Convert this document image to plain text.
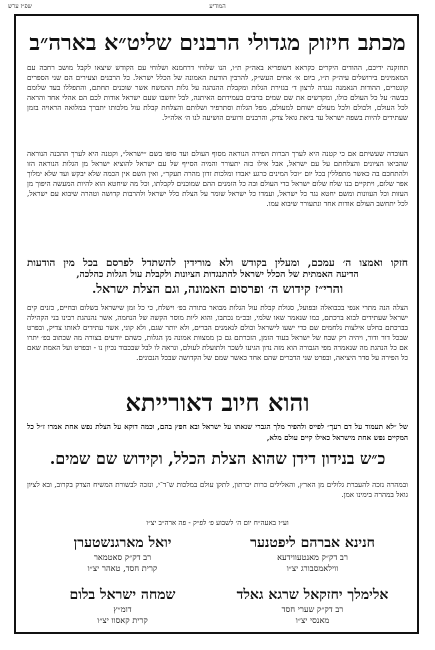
שפ״ז ערש	המודיע
מכתב חיזוק מגדולי הרבנים שליט״א בארה״ב

תחזקנה ידיכם, ההודים היקרים כקראא דשופריא באה״ק ת״ו, הנו שלוחי דרחמנא ושלוחי עם הקודש שיצאו לקבל מושב רחבה עם המאמינים בירושלים עיה״ק ת״ו, ביום א׳ אחים העש״ק, להרבין הודעת האמונה של הכלל ישראל. כל הרבנים וצעירים הם שני הספרים קונטרים, ההודות הנאמנה ננגדה לרצון ד׳ בגזירת הגלות ומקבלת ההנהגה על גלות ההמשח אשר שוכנים תחתם, והתפללו בעד שלומם כבשה׳ על כל העולם כולו, ומקדשים את שם שמים ברבים בעמידתם האיתנה, לבל יחשבו שעם ישראל אודות לכם הם אהלי אחד והראה לכל העולם, ולכולם ולכל מעולם ישוחם למעולם, מפל הגלות וסתרפיר ושלותם והצלחת קבלת עול מלכותו יתברך במלואה הראויה בזמן שעתידים להיות בשפה ישראל עד ביאת גואל צדק, והרבנים ורועים הושיעה לנו ה׳ אלה״ל.

העובדה שעשיתם אם כי קטנה היא לערך הברות הפירה הנוראה מסוף העולם ועד סופו בשם ״ישראל״, וקטנה היא לערך ההכנה הנוראה שהביאו הציונים והצלחתם על עם ישראל, אבל אילו כזה יתעורר והמיה הסייף של עם ישראל להוציא ישראל מן הגלות הנוראה הזו ולהתחכם בה כאשר מתפללין בכל יום ״וכל המינים כרגע יאבדו ומלכות זדון מהרה תעקר״, ואין השם אין הכמה שלא יבקש ועד שלא ימלוך אפר שלום, ויתקיים בנו שלח שלום ישראל כדי העולם ובה כל הזמנים ההם שמוכנים לקבלתו, וכל מה שיחטא הוא להיות המעשה היפוך מן העזות וכל העוונות ומשם יחטא נגד כל ישראל, ועמדו כל ישראל שומר על הצלת כלל ישראל ולהרבות קדושה וטהרה שיבוא עם ישראל, לכל יתחשב העולם אודות אחד ונתעורר שיבוא עמו.

חזקו ואמצו ה׳ עמכם, ומעלין בקודש ולא מורידין להשתדל לפרסם בכל מין הודעות
הדיעה האמתית של הכלל ישראל להתנגדות הציונות ולקבלת עול הגלות כהלכה,
והרי״ז קידוש ה׳ ופרסום האמונה, וגם הצלת ישראל.

הצלה הנה מתרי אנפי בכבואלה ובפועל, סגולת קבלת עול הגלות מבואר בתורה בפ׳ וישלח, כי כל זמן שישראל בשלום ובחיים, כזנים קים ישראל שעתידים לבוא ברכתם, כמו שנאמר שאו שלמי, ובכ״מ נכתבו, והוא ליות מוסר הקשה של הנחמה, אשר נהנהגת רבינו בני הקהילה בברכתם בחלט אילצות נלחמים שם כדי ישעו לישראל וכולם לנאמנים הברים, ולא יותר שגם, ולא קוני, אשר עתידים לאותו צדיק, ובפרט שבכל דור ודור, ויהיה רק שבח של ישראל בעוד הזמן, הזכרתם גם כן ממצוות אמונה מן הגלות, כשהם יודעים בצורה מה שכתוב בפ׳ יתרו אם כל הנהגת מה שנאמרה מפי הגבורה הוא מזה נדון הגיעו לשכר ולתועלת לעולם, ונראה לו לבל שבכבוד נכיון נו - ובפרט ועל האמת שאם כל הפירה על סדר היציאה, ובפרט שני הדברים שהם אחד כאשר שמם של הקדושה שבכל הנכונים.

והוא חיוב דאורייתא

של ״לא תעמוד על דם רעך״ לפייס ולהפיר מלך הגברי שנאתו על ישראל ובא חפץ בהם, וכמה דוקא על הצלת נפש אחת אמרו ז״ל כל המקיים נפש אחת מישראל כאילו קיים עולם מלא,

כ״ש בנידון דידן שהוא הצלת הכלל, וקידוש שם שמים.

ובמהרה נזכה להעברת גלולים מן הארץ, והאלילים כרות יכרתון, לתקן עולם במלכות ש־ד־י, ונזכה לבשורת המשיח הצדק בקרוב, ובא לציון גואל במהרה בימינו אמן.

וע״ז באעה״ח יום ה׳ לשבוע פ׳ לפ״ק - פה ארה״ב יצ״ו
חנינא אברהם ליפטנער
רב דק״ק מאנטעווידעא
ווילאמסבורג יצ״ו
יואל מארגנשטערן
רב דק״ק סאטמאר
קרית חסד, טאהר יצ״ו
אלימלך יחזקאל שרגא גאלד
רב דק״ק שערי חסד
מאנסי יצ״ו
שמחה ישראל בלום
דומ״ץ
קרית קאסוו יצ״ו
